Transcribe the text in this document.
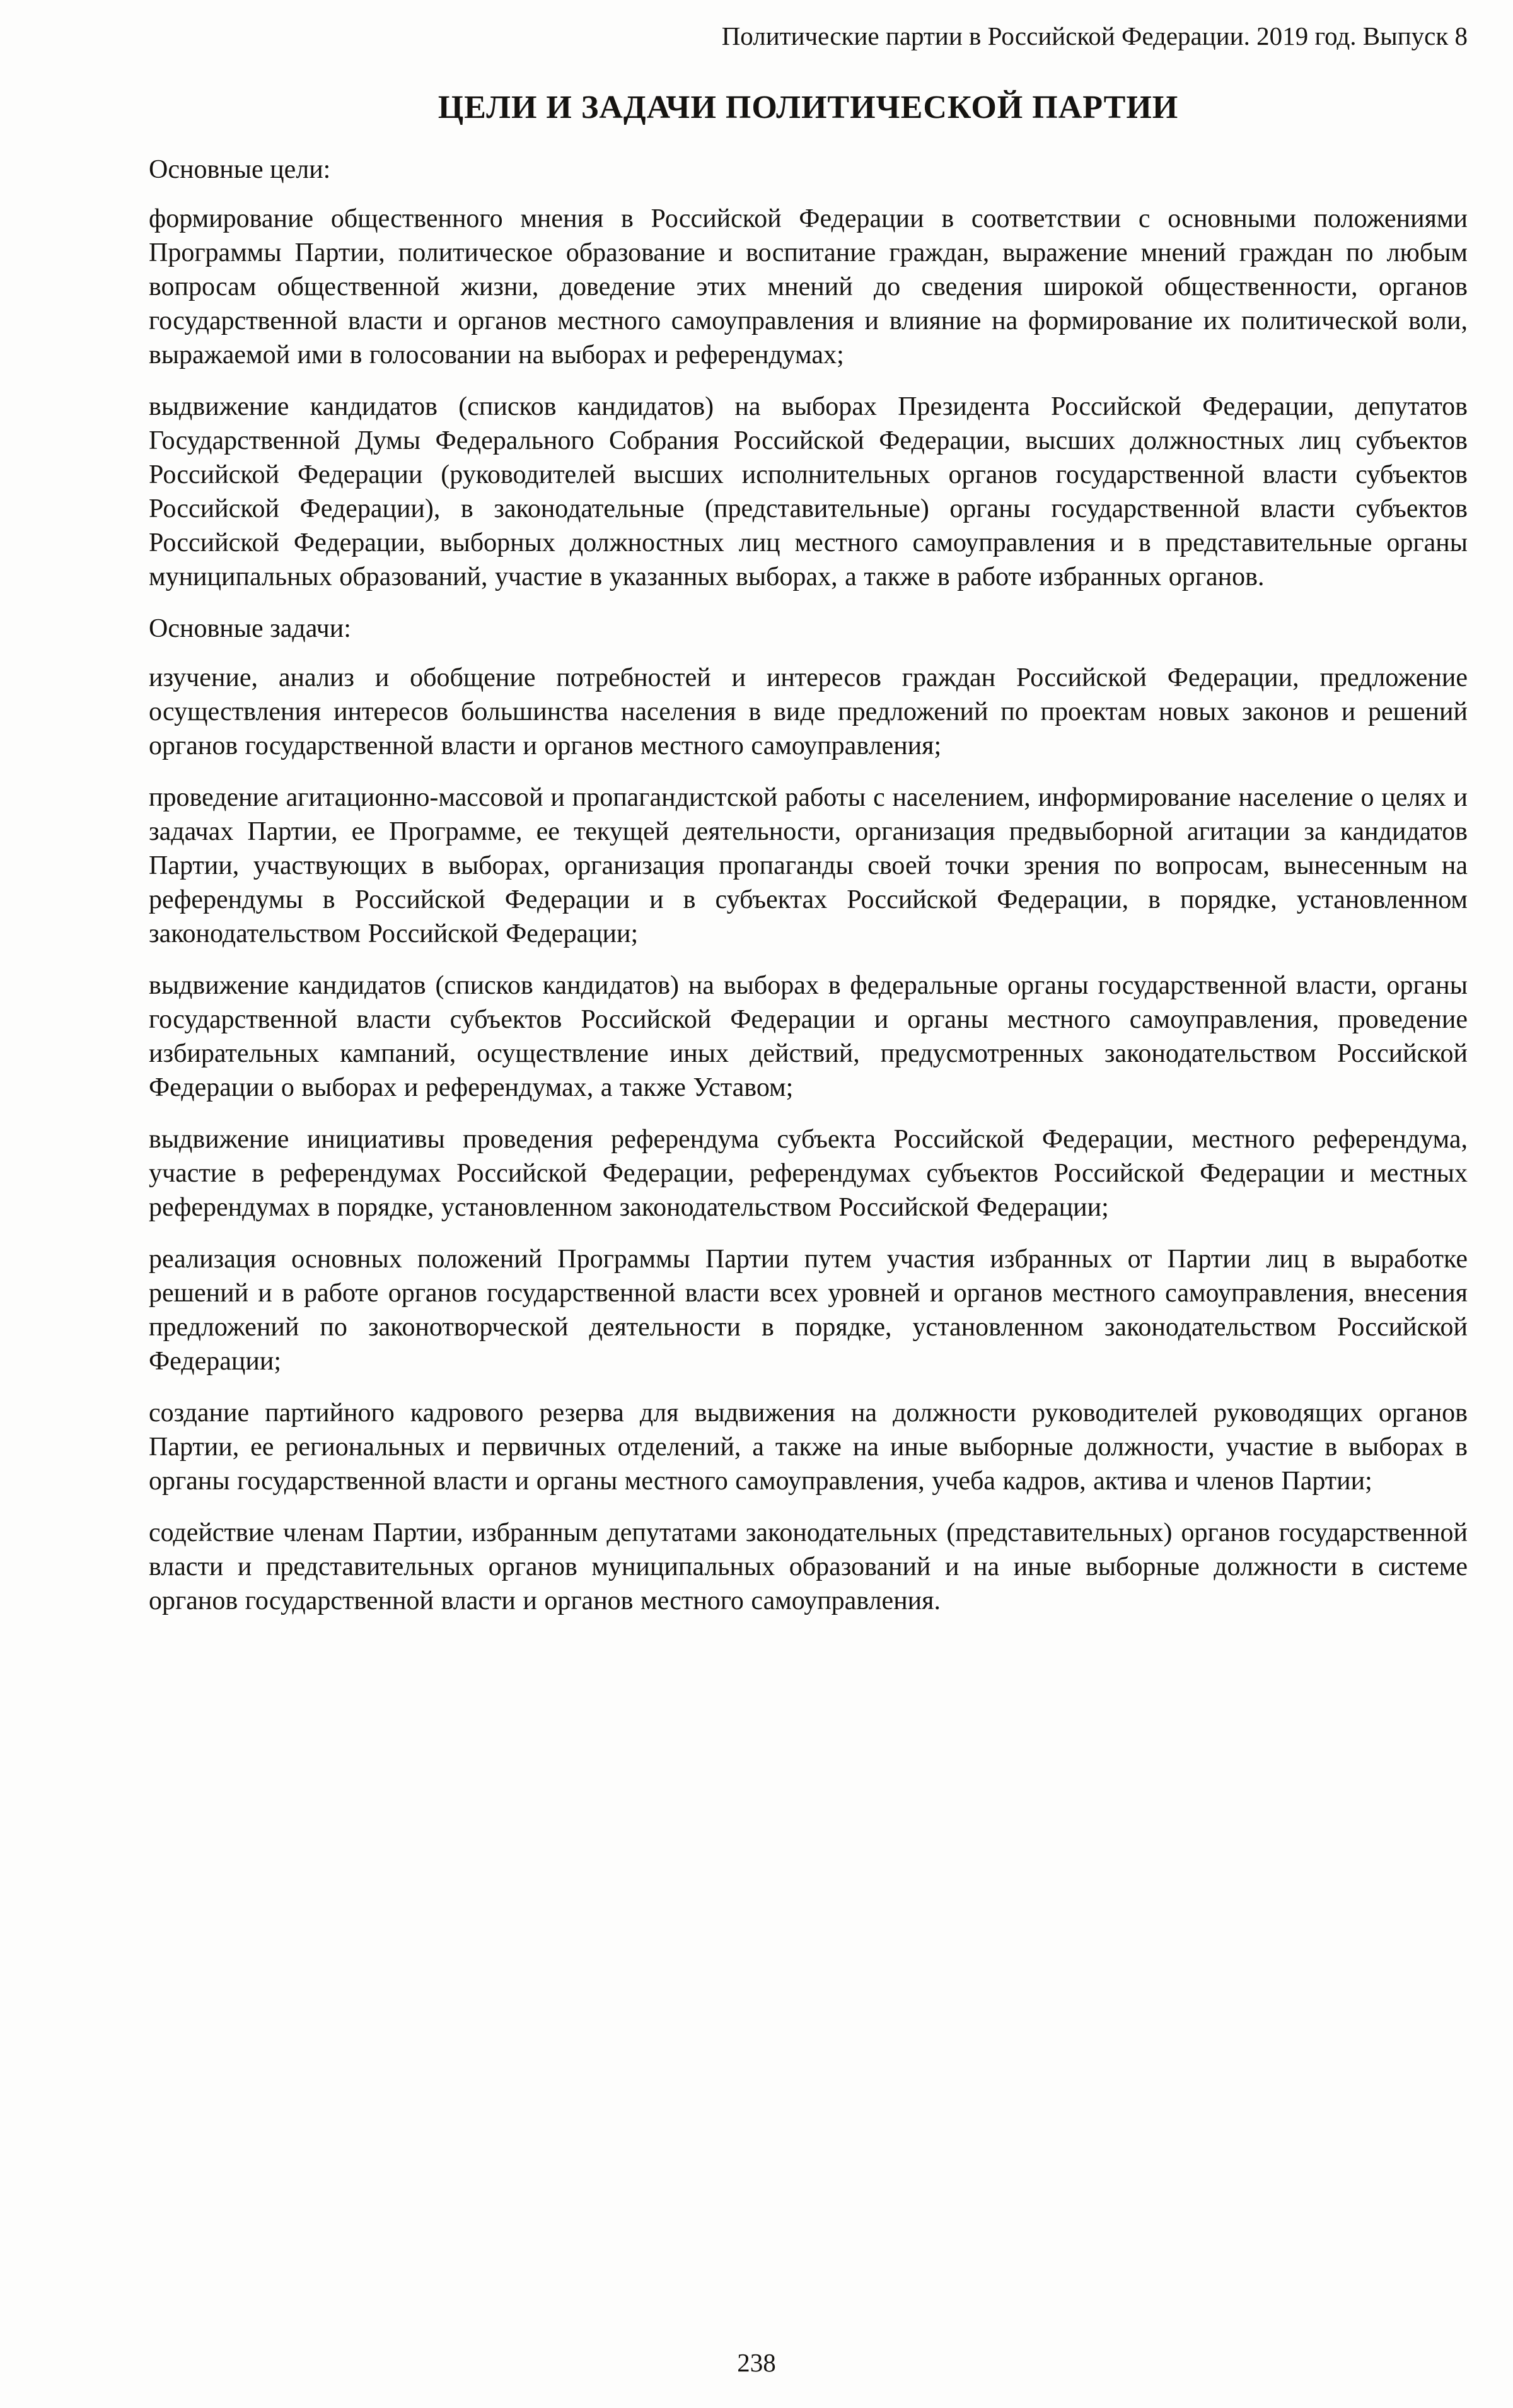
Политические партии в Российской Федерации. 2019 год. Выпуск 8
ЦЕЛИ И ЗАДАЧИ ПОЛИТИЧЕСКОЙ ПАРТИИ

Основные цели:

формирование общественного мнения в Российской Федерации в соответствии с основными положениями Программы Партии, политическое образование и воспитание граждан, выражение мнений граждан по любым вопросам общественной жизни, доведение этих мнений до сведения широкой общественности, органов государственной власти и органов местного самоуправления и влияние на формирование их политической воли, выражаемой ими в голосовании на выборах и референдумах;

выдвижение кандидатов (списков кандидатов) на выборах Президента Российской Федерации, депутатов Государственной Думы Федерального Собрания Российской Федерации, высших должностных лиц субъектов Российской Федерации (руководителей высших исполнительных органов государственной власти субъектов Российской Федерации), в законодательные (представительные) органы государственной власти субъектов Российской Федерации, выборных должностных лиц местного самоуправления и в представительные органы муниципальных образований, участие в указанных выборах, а также в работе избранных органов.

Основные задачи:

изучение, анализ и обобщение потребностей и интересов граждан Российской Федерации, предложение осуществления интересов большинства населения в виде предложений по проектам новых законов и решений органов государственной власти и органов местного самоуправления;

проведение агитационно-массовой и пропагандистской работы с населением, информирование население о целях и задачах Партии, ее Программе, ее текущей деятельности, организация предвыборной агитации за кандидатов Партии, участвующих в выборах, организация пропаганды своей точки зрения по вопросам, вынесенным на референдумы в Российской Федерации и в субъектах Российской Федерации, в порядке, установленном законодательством Российской Федерации;

выдвижение кандидатов (списков кандидатов) на выборах в федеральные органы государственной власти, органы государственной власти субъектов Российской Федерации и органы местного самоуправления, проведение избирательных кампаний, осуществление иных действий, предусмотренных законодательством Российской Федерации о выборах и референдумах, а также Уставом;

выдвижение инициативы проведения референдума субъекта Российской Федерации, местного референдума, участие в референдумах Российской Федерации, референдумах субъектов Российской Федерации и местных референдумах в порядке, установленном законодательством Российской Федерации;

реализация основных положений Программы Партии путем участия избранных от Партии лиц в выработке решений и в работе органов государственной власти всех уровней и органов местного самоуправления, внесения предложений по законотворческой деятельности в порядке, установленном законодательством Российской Федерации;

создание партийного кадрового резерва для выдвижения на должности руководителей руководящих органов Партии, ее региональных и первичных отделений, а также на иные выборные должности, участие в выборах в органы государственной власти и органы местного самоуправления, учеба кадров, актива и членов Партии;

содействие членам Партии, избранным депутатами законодательных (представительных) органов государственной власти и представительных органов муниципальных образований и на иные выборные должности в системе органов государственной власти и органов местного самоуправления.

238
